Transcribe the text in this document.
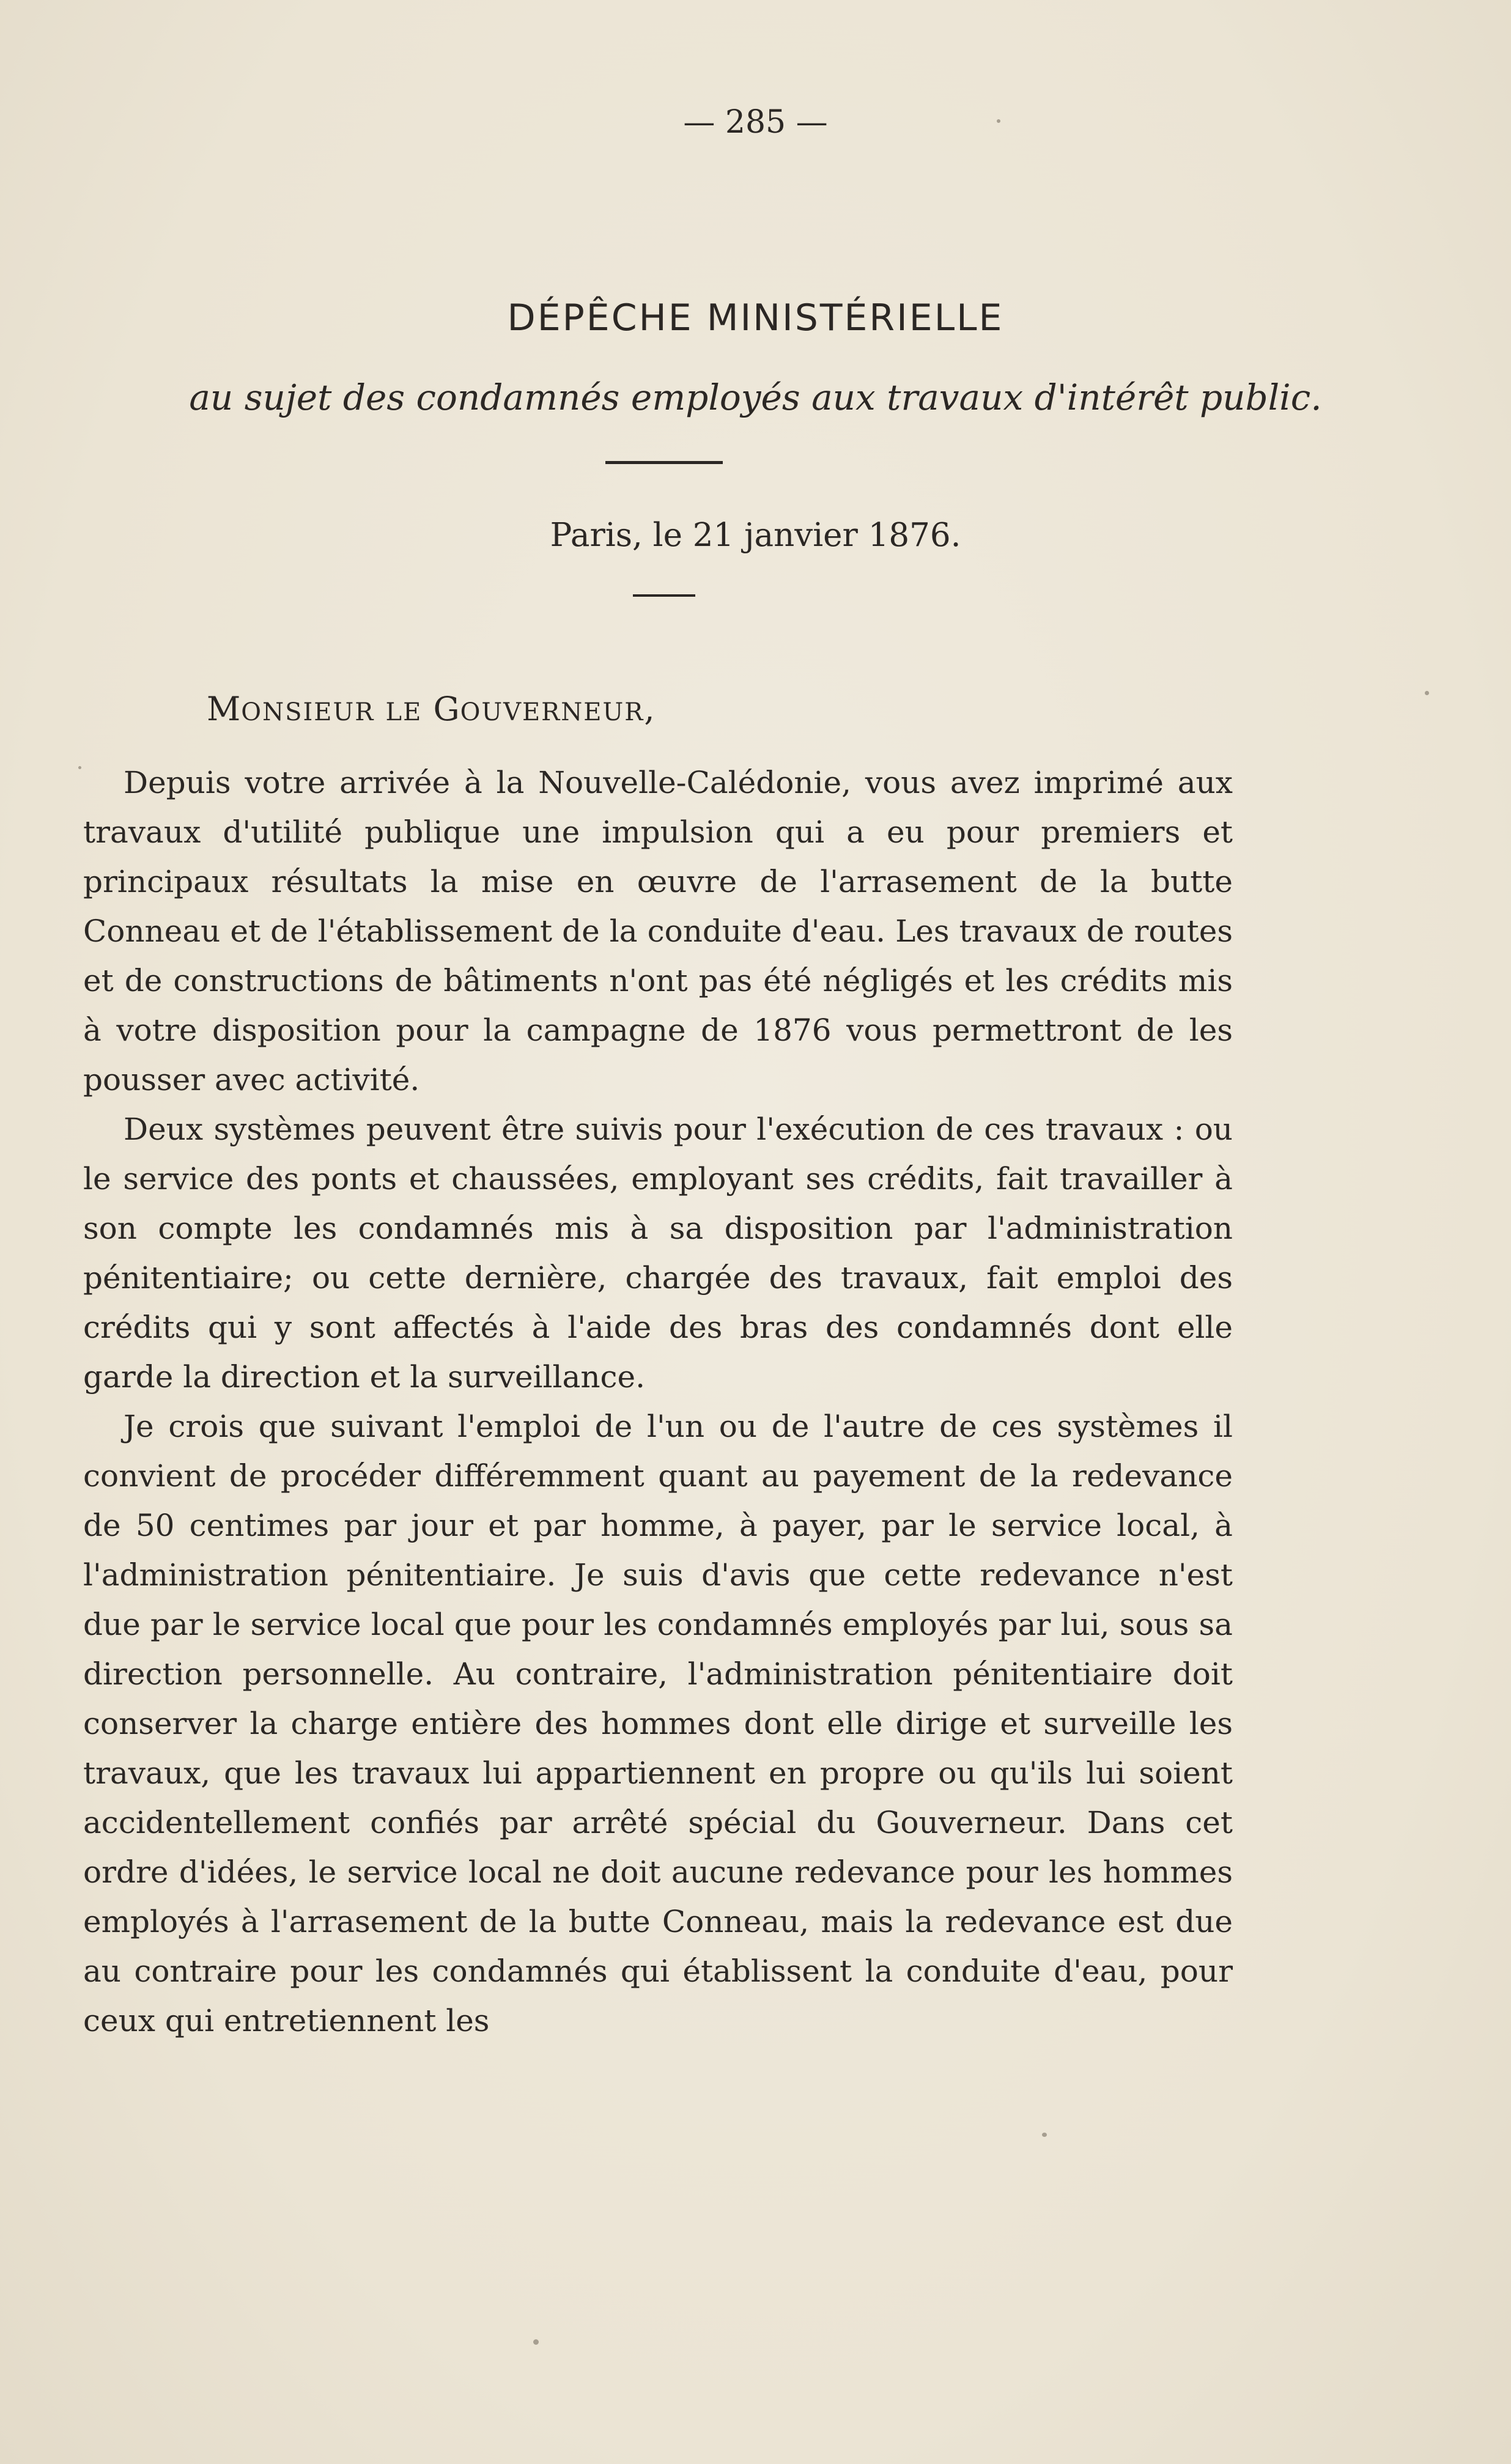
— 285 —
DÉPÊCHE MINISTÉRIELLE
au sujet des condamnés employés aux travaux d'intérêt public.
Paris, le 21 janvier 1876.
MONSIEUR LE GOUVERNEUR,

Depuis votre arrivée à la Nouvelle-Calédonie, vous avez imprimé aux travaux d'utilité publique une impulsion qui a eu pour premiers et principaux résultats la mise en œuvre de l'arrasement de la butte Conneau et de l'établissement de la conduite d'eau. Les travaux de routes et de constructions de bâtiments n'ont pas été négligés et les crédits mis à votre disposition pour la campagne de 1876 vous permettront de les pousser avec activité.

Deux systèmes peuvent être suivis pour l'exécution de ces travaux : ou le service des ponts et chaussées, employant ses crédits, fait travailler à son compte les condamnés mis à sa disposition par l'administration pénitentiaire; ou cette dernière, chargée des travaux, fait emploi des crédits qui y sont affectés à l'aide des bras des condamnés dont elle garde la direction et la surveillance.

Je crois que suivant l'emploi de l'un ou de l'autre de ces systèmes il convient de procéder différemment quant au payement de la redevance de 50 centimes par jour et par homme, à payer, par le service local, à l'administration pénitentiaire. Je suis d'avis que cette redevance n'est due par le service local que pour les condamnés employés par lui, sous sa direction personnelle. Au contraire, l'administration pénitentiaire doit conserver la charge entière des hommes dont elle dirige et surveille les travaux, que les travaux lui appartiennent en propre ou qu'ils lui soient accidentellement confiés par arrêté spécial du Gouverneur. Dans cet ordre d'idées, le service local ne doit aucune redevance pour les hommes employés à l'arrasement de la butte Conneau, mais la redevance est due au contraire pour les condamnés qui établissent la conduite d'eau, pour ceux qui entretiennent les
